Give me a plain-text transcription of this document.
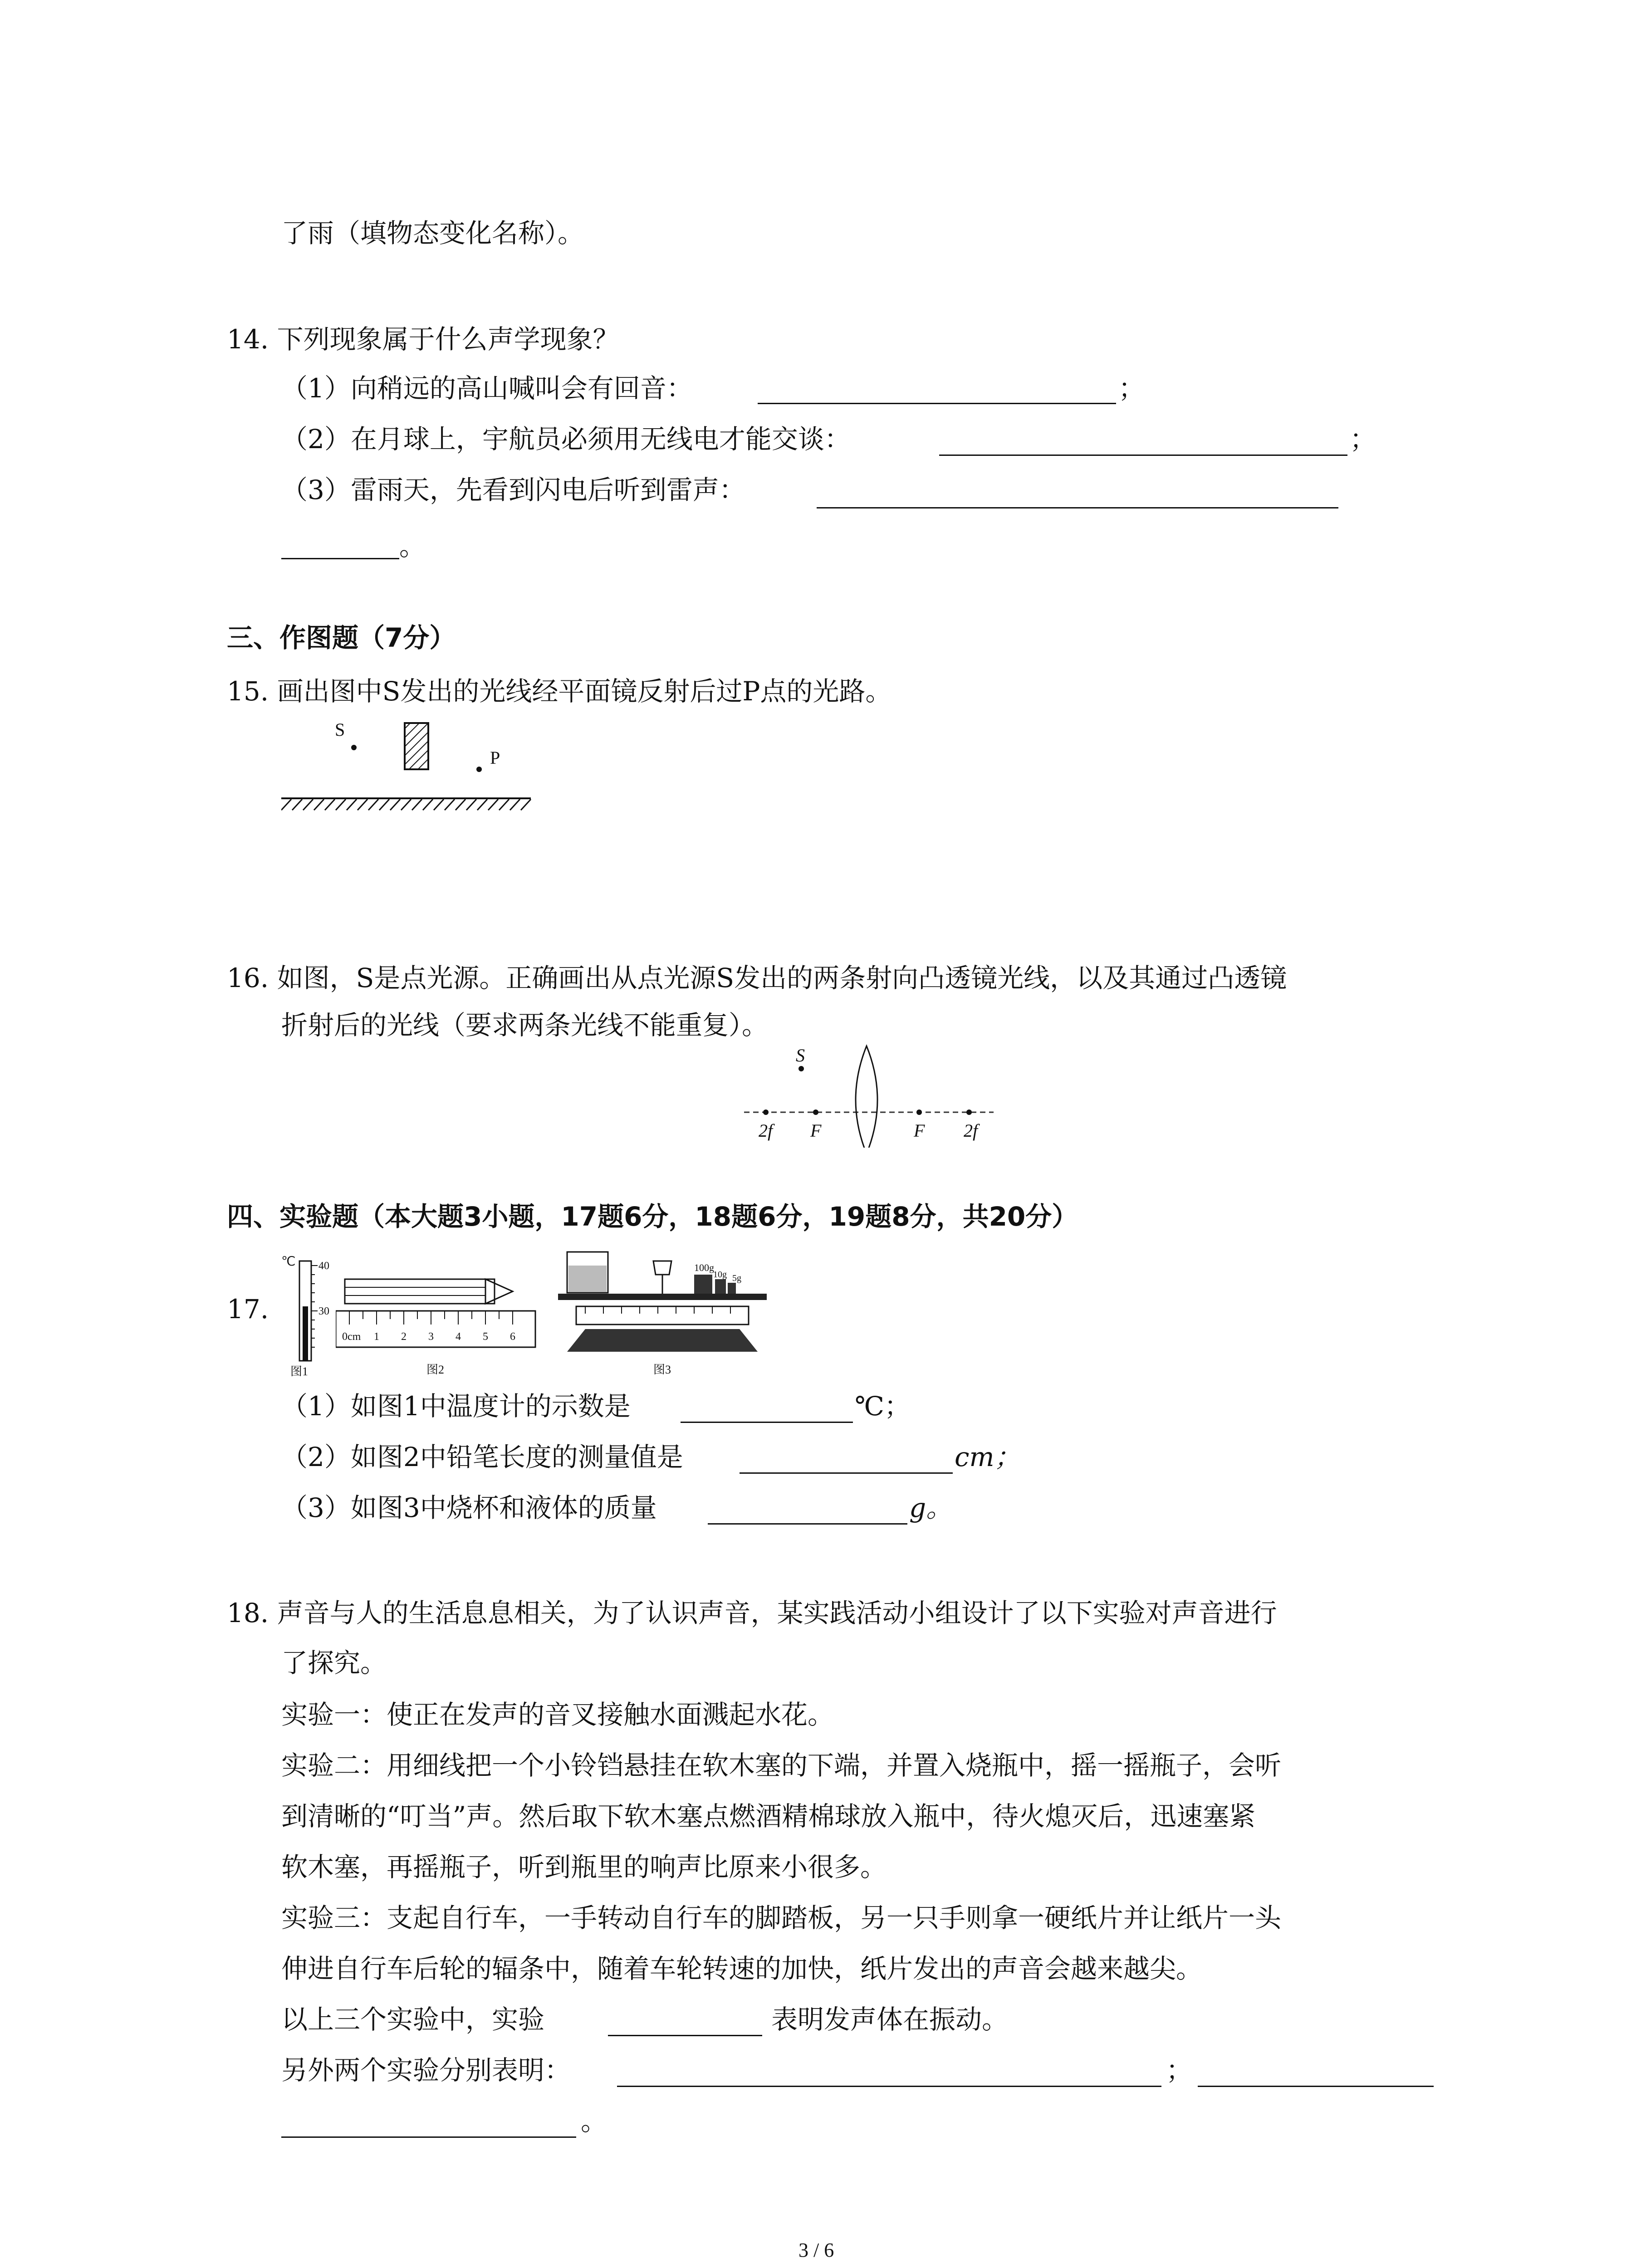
了雨（填物态变化名称）。
14. 下列现象属于什么声学现象？
（1）向稍远的高山喊叫会有回音：	；
（2）在月球上，宇航员必须用无线电才能交谈：	；
（3）雷雨天，先看到闪电后听到雷声：
。
三、作图题（7分）
15. 画出图中S发出的光线经平面镜反射后过P点的光路。
S
P
16. 如图，S是点光源。正确画出从点光源S发出的两条射向凸透镜光线，以及其通过凸透镜
折射后的光线（要求两条光线不能重复）。
S
2f F	F 2f
四、实验题（本大题3小题，17题6分，18题6分，19题8分，共20分）
17.
℃ 40
30
图1
0cm 1 2 3 4 5 6
图2
100g
10g 5g
图3
（1）如图1中温度计的示数是	℃；
（2）如图2中铅笔长度的测量值是	cm；
（3）如图3中烧杯和液体的质量	g。
18. 声音与人的生活息息相关，为了认识声音，某实践活动小组设计了以下实验对声音进行
了探究。
实验一：使正在发声的音叉接触水面溅起水花。
实验二：用细线把一个小铃铛悬挂在软木塞的下端，并置入烧瓶中，摇一摇瓶子，会听
到清晰的“叮当”声。然后取下软木塞点燃酒精棉球放入瓶中，待火熄灭后，迅速塞紧
软木塞，再摇瓶子，听到瓶里的响声比原来小很多。
实验三：支起自行车，一手转动自行车的脚踏板，另一只手则拿一硬纸片并让纸片一头
伸进自行车后轮的辐条中，随着车轮转速的加快，纸片发出的声音会越来越尖。
以上三个实验中，实验	表明发声体在振动。
另外两个实验分别表明：	；
。
3 / 6
